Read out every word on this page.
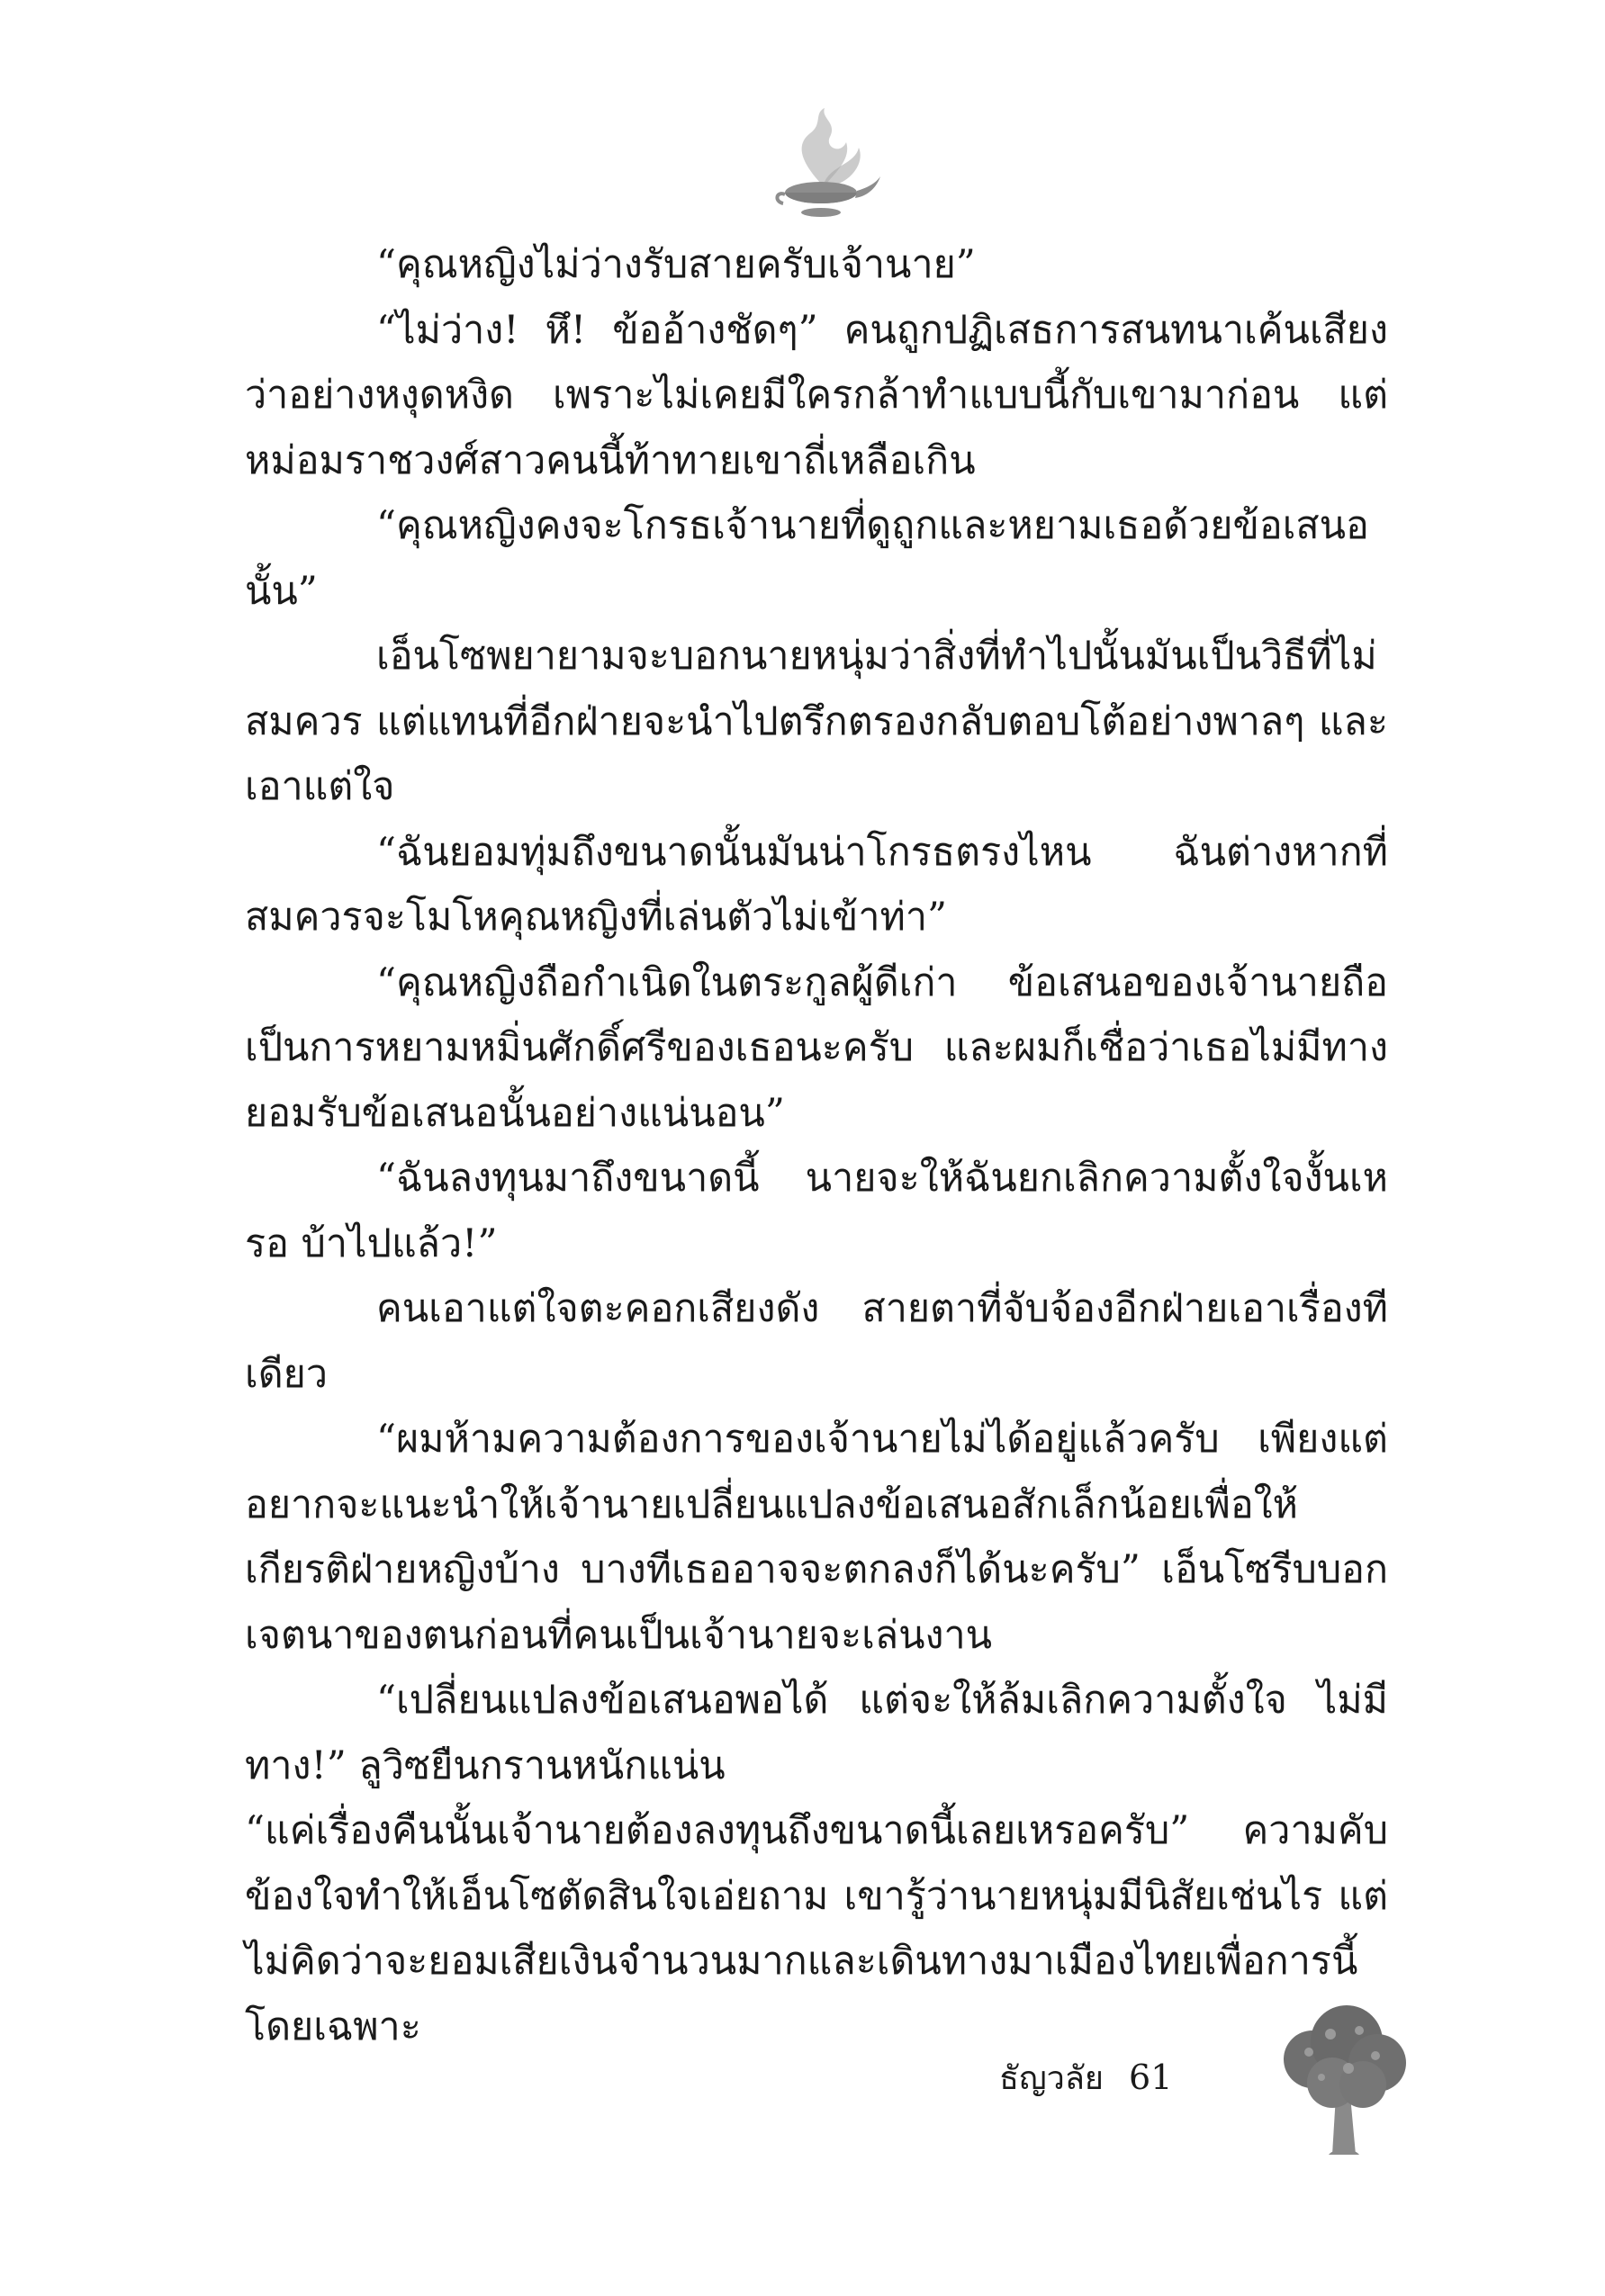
“คุณหญิงไม่ว่างรับสายครับเจ้านาย”

“ไม่ว่าง! หึ! ข้ออ้างชัดๆ” คนถูกปฏิเสธการสนทนาเค้นเสียงว่าอย่างหงุดหงิด เพราะไม่เคยมีใครกล้าทำแบบนี้กับเขามาก่อน แต่หม่อมราชวงศ์สาวคนนี้ท้าทายเขาถี่เหลือเกิน

“คุณหญิงคงจะโกรธเจ้านายที่ดูถูกและหยามเธอด้วยข้อเสนอนั้น”

เอ็นโซพยายามจะบอกนายหนุ่มว่าสิ่งที่ทำไปนั้นมันเป็นวิธีที่ไม่สมควร แต่แทนที่อีกฝ่ายจะนำไปตรึกตรองกลับตอบโต้อย่างพาลๆ และเอาแต่ใจ

“ฉันยอมทุ่มถึงขนาดนั้นมันน่าโกรธตรงไหน ฉันต่างหากที่สมควรจะโมโหคุณหญิงที่เล่นตัวไม่เข้าท่า”

“คุณหญิงถือกำเนิดในตระกูลผู้ดีเก่า ข้อเสนอของเจ้านายถือเป็นการหยามหมิ่นศักดิ์ศรีของเธอนะครับ และผมก็เชื่อว่าเธอไม่มีทางยอมรับข้อเสนอนั้นอย่างแน่นอน”

“ฉันลงทุนมาถึงขนาดนี้ นายจะให้ฉันยกเลิกความตั้งใจงั้นเหรอ บ้าไปแล้ว!”

คนเอาแต่ใจตะคอกเสียงดัง สายตาที่จับจ้องอีกฝ่ายเอาเรื่องทีเดียว

“ผมห้ามความต้องการของเจ้านายไม่ได้อยู่แล้วครับ เพียงแต่อยากจะแนะนำให้เจ้านายเปลี่ยนแปลงข้อเสนอสักเล็กน้อยเพื่อให้เกียรติฝ่ายหญิงบ้าง บางทีเธออาจจะตกลงก็ได้นะครับ” เอ็นโซรีบบอกเจตนาของตนก่อนที่คนเป็นเจ้านายจะเล่นงาน

“เปลี่ยนแปลงข้อเสนอพอได้ แต่จะให้ล้มเลิกความตั้งใจ ไม่มีทาง!” ลูวิซยืนกรานหนักแน่น

“แค่เรื่องคืนนั้นเจ้านายต้องลงทุนถึงขนาดนี้เลยเหรอครับ” ความคับข้องใจทำให้เอ็นโซตัดสินใจเอ่ยถาม เขารู้ว่านายหนุ่มมีนิสัยเช่นไร แต่ไม่คิดว่าจะยอมเสียเงินจำนวนมากและเดินทางมาเมืองไทยเพื่อการนี้โดยเฉพาะ

ธัญวลัย 61
